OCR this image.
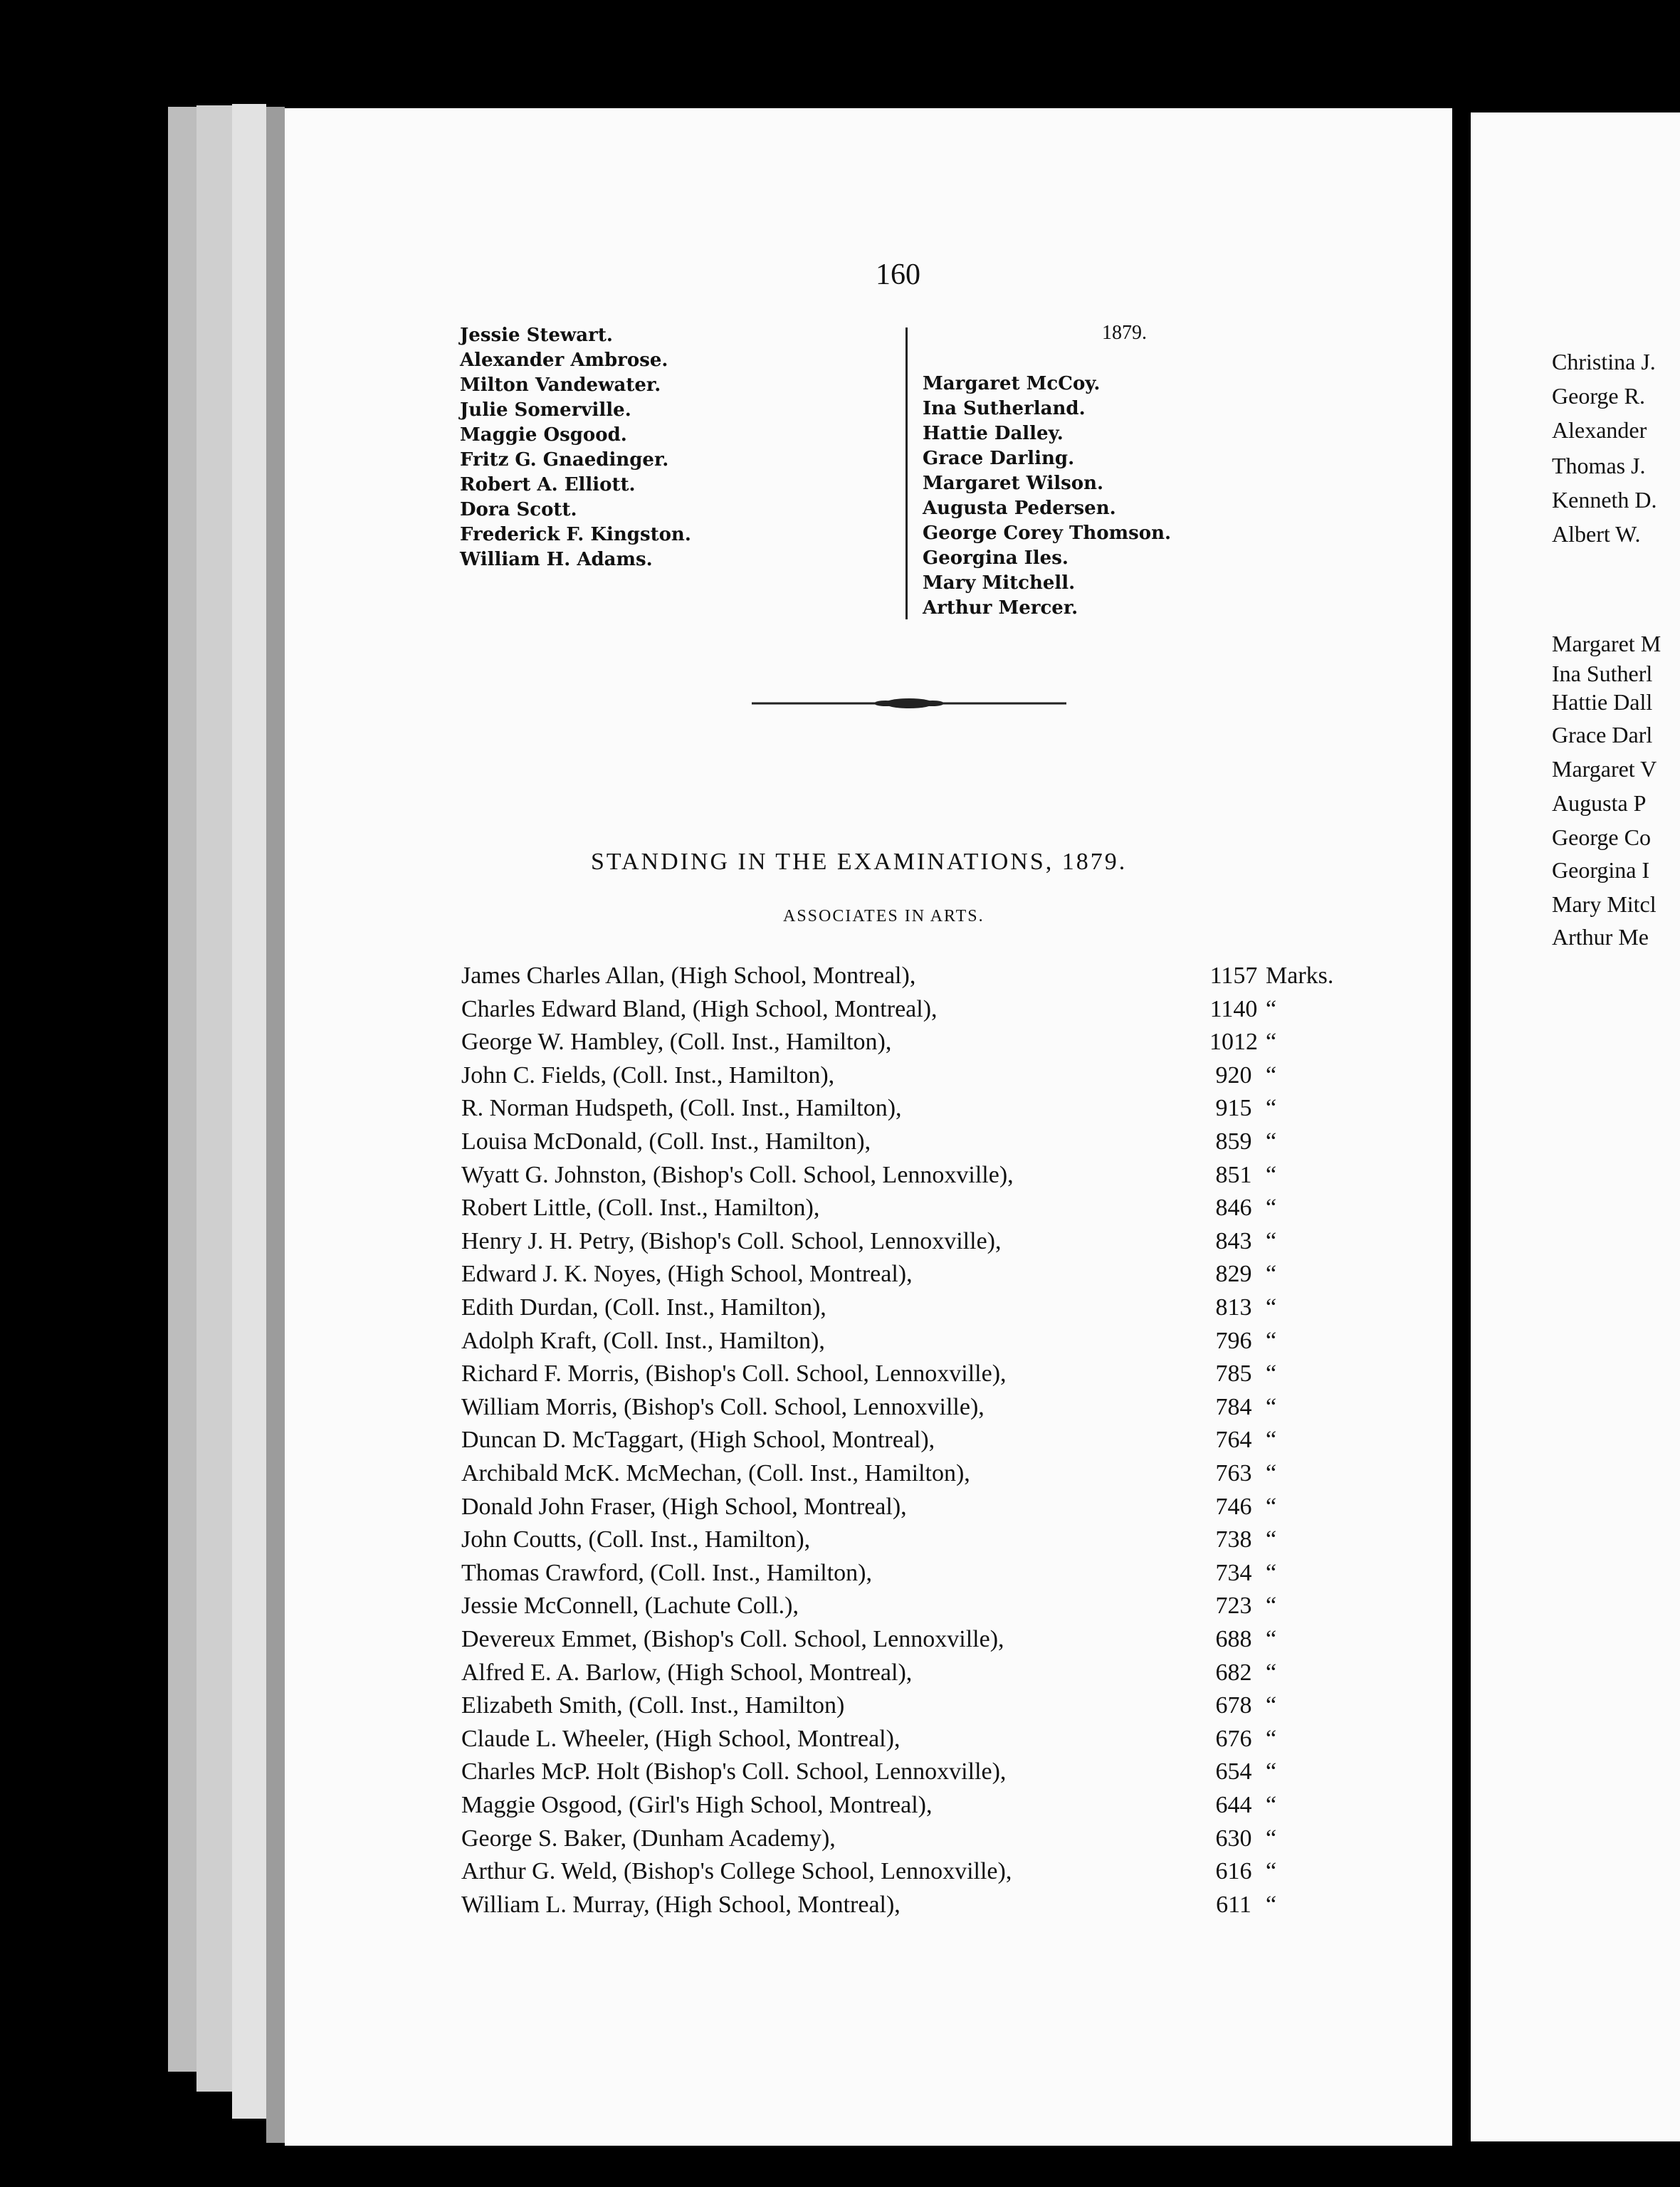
160
Jessie Stewart.
Alexander Ambrose.
Milton Vandewater.
Julie Somerville.
Maggie Osgood.
Fritz G. Gnaedinger.
Robert A. Elliott.
Dora Scott.
Frederick F. Kingston.
William H. Adams.
1879.
Margaret McCoy.
Ina Sutherland.
Hattie Dalley.
Grace Darling.
Margaret Wilson.
Augusta Pedersen.
George Corey Thomson.
Georgina Iles.
Mary Mitchell.
Arthur Mercer.
STANDING IN THE EXAMINATIONS, 1879.
ASSOCIATES IN ARTS.
James Charles Allan, (High School, Montreal),	1157 Marks.
Charles Edward Bland, (High School, Montreal),	1140 “
George W. Hambley, (Coll. Inst., Hamilton),	1012 “
John C. Fields, (Coll. Inst., Hamilton),	920 “
R. Norman Hudspeth, (Coll. Inst., Hamilton),	915 “
Louisa McDonald, (Coll. Inst., Hamilton),	859 “
Wyatt G. Johnston, (Bishop's Coll. School, Lennoxville),	851 “
Robert Little, (Coll. Inst., Hamilton),	846 “
Henry J. H. Petry, (Bishop's Coll. School, Lennoxville),	843 “
Edward J. K. Noyes, (High School, Montreal),	829 “
Edith Durdan, (Coll. Inst., Hamilton),	813 “
Adolph Kraft, (Coll. Inst., Hamilton),	796 “
Richard F. Morris, (Bishop's Coll. School, Lennoxville),	785 “
William Morris, (Bishop's Coll. School, Lennoxville),	784 “
Duncan D. McTaggart, (High School, Montreal),	764 “
Archibald McK. McMechan, (Coll. Inst., Hamilton),	763 “
Donald John Fraser, (High School, Montreal),	746 “
John Coutts, (Coll. Inst., Hamilton),	738 “
Thomas Crawford, (Coll. Inst., Hamilton),	734 “
Jessie McConnell, (Lachute Coll.),	723 “
Devereux Emmet, (Bishop's Coll. School, Lennoxville),	688 “
Alfred E. A. Barlow, (High School, Montreal),	682 “
Elizabeth Smith, (Coll. Inst., Hamilton)	678 “
Claude L. Wheeler, (High School, Montreal),	676 “
Charles McP. Holt (Bishop's Coll. School, Lennoxville),	654 “
Maggie Osgood, (Girl's High School, Montreal),	644 “
George S. Baker, (Dunham Academy),	630 “
Arthur G. Weld, (Bishop's College School, Lennoxville),	616 “
William L. Murray, (High School, Montreal),	611 “
Christina J.
George R.
Alexander
Thomas J.
Kenneth D.
Albert W.
Margaret M
Ina Sutherl
Hattie Dall
Grace Darl
Margaret V
Augusta P
George Co
Georgina I
Mary Mitcl
Arthur Me
